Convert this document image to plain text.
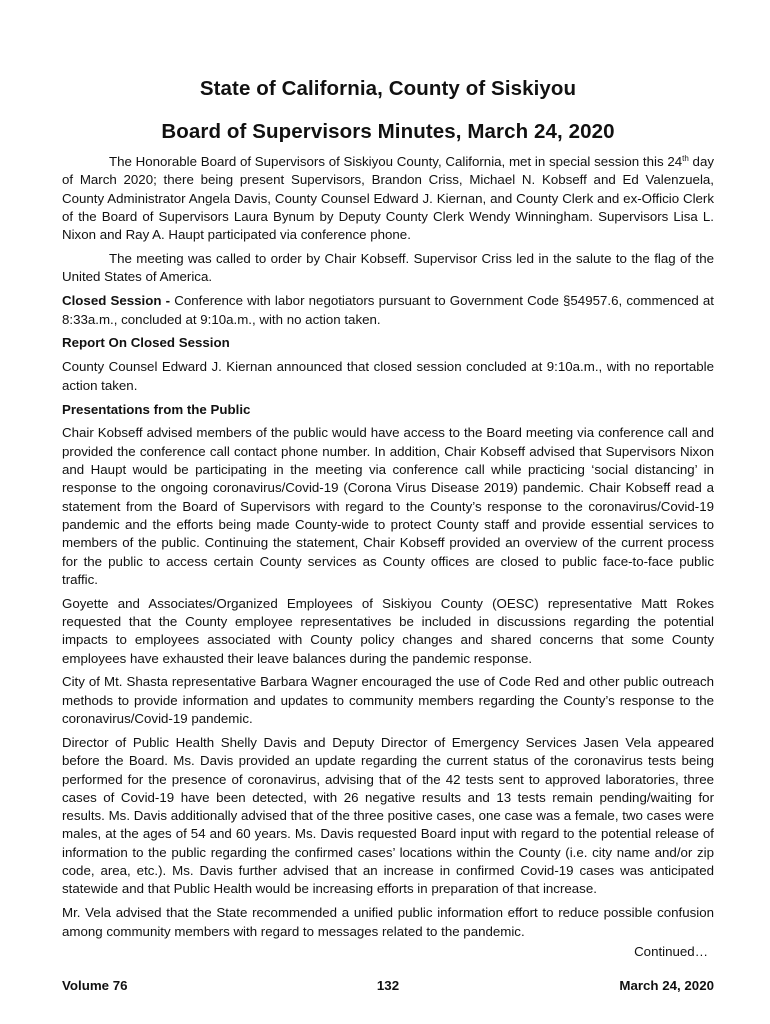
State of California, County of Siskiyou
Board of Supervisors Minutes, March 24, 2020

The Honorable Board of Supervisors of Siskiyou County, California, met in special session this 24th day of March 2020; there being present Supervisors, Brandon Criss, Michael N. Kobseff and Ed Valenzuela, County Administrator Angela Davis, County Counsel Edward J. Kiernan, and County Clerk and ex-Officio Clerk of the Board of Supervisors Laura Bynum by Deputy County Clerk Wendy Winningham. Supervisors Lisa L. Nixon and Ray A. Haupt participated via conference phone.

The meeting was called to order by Chair Kobseff. Supervisor Criss led in the salute to the flag of the United States of America.

Closed Session - Conference with labor negotiators pursuant to Government Code §54957.6, commenced at 8:33a.m., concluded at 9:10a.m., with no action taken.

Report On Closed Session

County Counsel Edward J. Kiernan announced that closed session concluded at 9:10a.m., with no reportable action taken.

Presentations from the Public

Chair Kobseff advised members of the public would have access to the Board meeting via conference call and provided the conference call contact phone number. In addition, Chair Kobseff advised that Supervisors Nixon and Haupt would be participating in the meeting via conference call while practicing ‘social distancing’ in response to the ongoing coronavirus/Covid-19 (Corona Virus Disease 2019) pandemic. Chair Kobseff read a statement from the Board of Supervisors with regard to the County’s response to the coronavirus/Covid-19 pandemic and the efforts being made County-wide to protect County staff and provide essential services to members of the public. Continuing the statement, Chair Kobseff provided an overview of the current process for the public to access certain County services as County offices are closed to public face-to-face public traffic.

Goyette and Associates/Organized Employees of Siskiyou County (OESC) representative Matt Rokes requested that the County employee representatives be included in discussions regarding the potential impacts to employees associated with County policy changes and shared concerns that some County employees have exhausted their leave balances during the pandemic response.

City of Mt. Shasta representative Barbara Wagner encouraged the use of Code Red and other public outreach methods to provide information and updates to community members regarding the County’s response to the coronavirus/Covid-19 pandemic.

Director of Public Health Shelly Davis and Deputy Director of Emergency Services Jasen Vela appeared before the Board. Ms. Davis provided an update regarding the current status of the coronavirus tests being performed for the presence of coronavirus, advising that of the 42 tests sent to approved laboratories, three cases of Covid-19 have been detected, with 26 negative results and 13 tests remain pending/waiting for results. Ms. Davis additionally advised that of the three positive cases, one case was a female, two cases were males, at the ages of 54 and 60 years. Ms. Davis requested Board input with regard to the potential release of information to the public regarding the confirmed cases’ locations within the County (i.e. city name and/or zip code, area, etc.). Ms. Davis further advised that an increase in confirmed Covid-19 cases was anticipated statewide and that Public Health would be increasing efforts in preparation of that increase.

Mr. Vela advised that the State recommended a unified public information effort to reduce possible confusion among community members with regard to messages related to the pandemic.

Continued…
132
Volume 76	March 24, 2020
